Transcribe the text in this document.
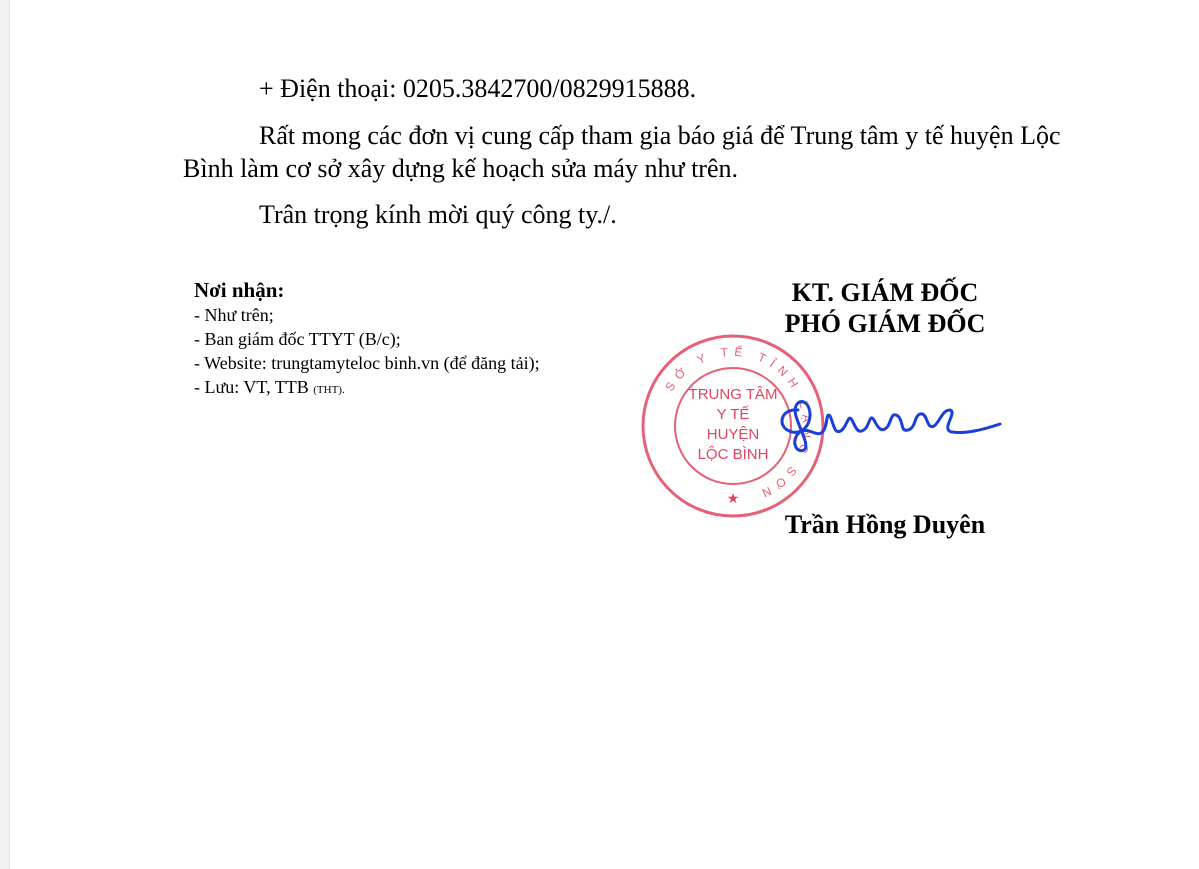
+ Điện thoại: 0205.3842700/0829915888.
Rất mong các đơn vị cung cấp tham gia báo giá để Trung tâm y tế huyện Lộc
Bình làm cơ sở xây dựng kế hoạch sửa máy như trên.
Trân trọng kính mời quý công ty./.
Nơi nhận:
- Như trên;
- Ban giám đốc TTYT (B/c);
- Website: trungtamyteloc binh.vn (để đăng tải);
- Lưu: VT, TTB (THT).
KT. GIÁM ĐỐC
PHÓ GIÁM ĐỐC
SỞ Y TẾ TỈNH LẠNG SƠN
TRUNG TÂM
Y TẾ
HUYỆN
LỘC BÌNH
★
Trần Hồng Duyên
